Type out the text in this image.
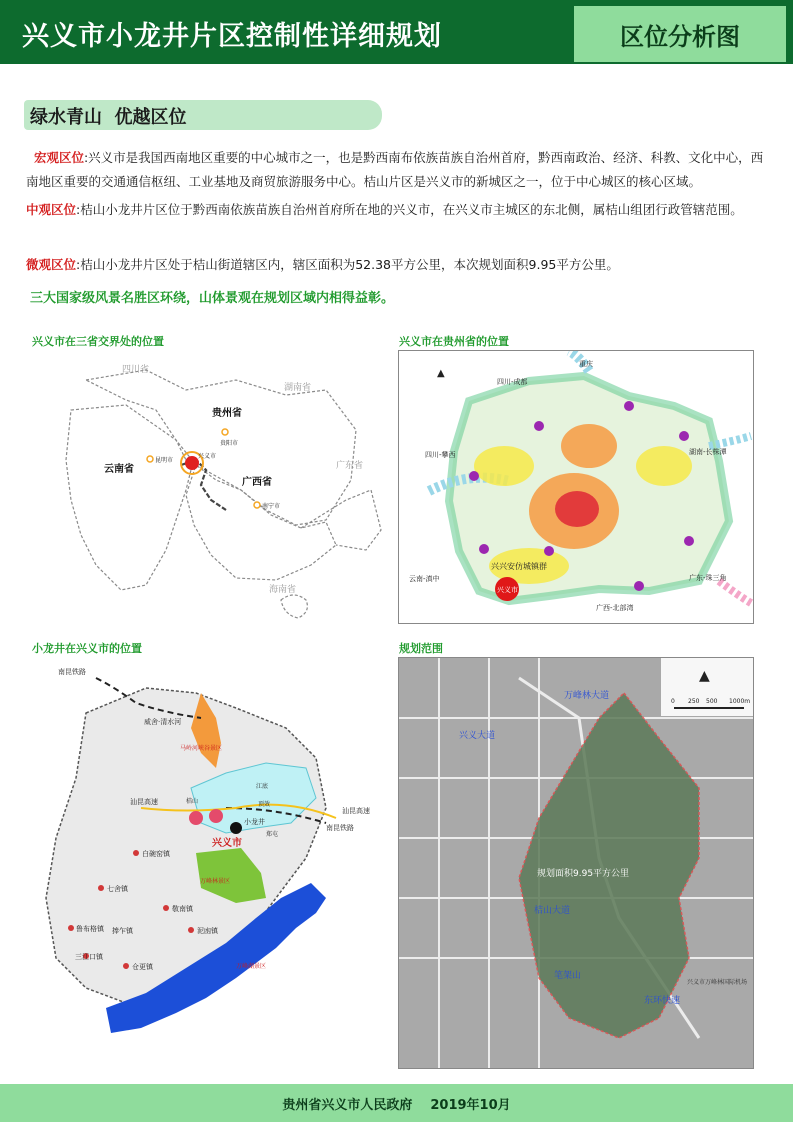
兴义市小龙井片区控制性详细规划	区位分析图
绿水青山  优越区位
宏观区位:兴义市是我国西南地区重要的中心城市之一，也是黔西南布依族苗族自治州首府，黔西南政治、经济、科教、文化中心，西南地区重要的交通通信枢纽、工业基地及商贸旅游服务中心。桔山片区是兴义市的新城区之一，位于中心城区的核心区域。
中观区位:桔山小龙井片区位于黔西南依族苗族自治州首府所在地的兴义市，在兴义市主城区的东北侧，属桔山组团行政管辖范围。
微观区位:桔山小龙井片区处于桔山街道辖区内，辖区面积为52.38平方公里，本次规划面积9.95平方公里。
三大国家级风景名胜区环绕，山体景观在规划区域内相得益彰。
兴义市在三省交界处的位置
四川省
湖南省
贵州省
贵阳市
云南省
昆明市
兴义市
广东省
广西省
南宁市
海南省
兴义市在贵州省的位置
▲
重庆
四川-成都
四川-攀西	湖南-长株潭
广东-珠三角
云南-滇中
广西-北部湾
兴兴安仿城镇群
兴义市
小龙井在兴义市的位置
南昆铁路
威舍·清水河
马岭河峡谷景区
汕昆高速
汕昆高速
南昆铁路
小龙井
兴义市
万峰林景区
万峰湖景区
白碗窑镇
七舍镇
敬南镇
鲁布格镇 捧乍镇
三江口镇
泥凼镇
仓更镇
桔山	顶效
江底
郑屯
规划范围
▲
0 250 500 1000m
规划面积9.95平方公里
兴义市万峰林国际机场
万峰林大道
东环快速
桔山大道
笔架山
兴义大道
贵州省兴义市人民政府 2019年10月
